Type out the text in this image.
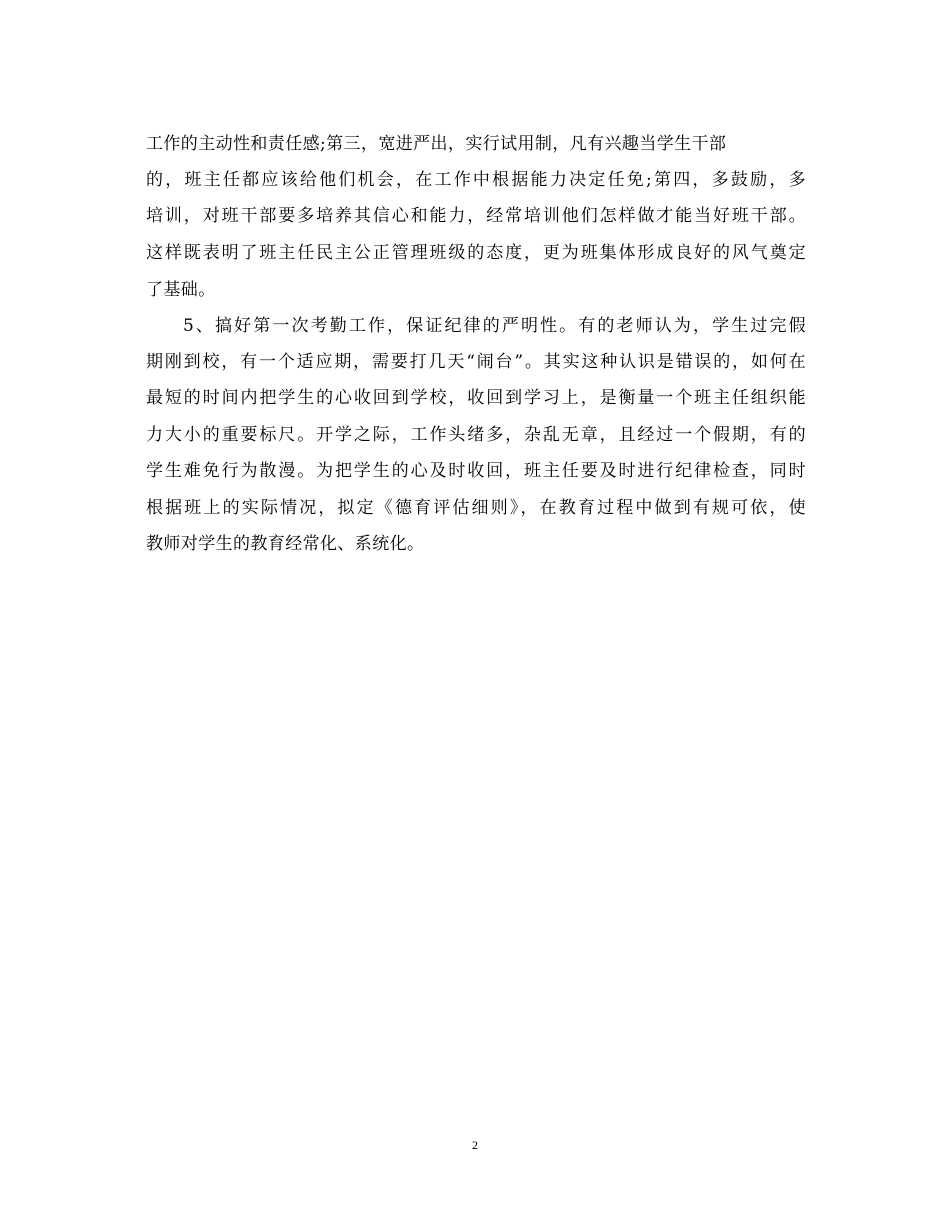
工作的主动性和责任感;第三，宽进严出，实行试用制，凡有兴趣当学生干部
的，班主任都应该给他们机会，在工作中根据能力决定任免;第四，多鼓励，多
培训，对班干部要多培养其信心和能力，经常培训他们怎样做才能当好班干部。
这样既表明了班主任民主公正管理班级的态度，更为班集体形成良好的风气奠定
了基础。
5、搞好第一次考勤工作，保证纪律的严明性。有的老师认为，学生过完假
期刚到校，有一个适应期，需要打几天“闹台”。其实这种认识是错误的，如何在
最短的时间内把学生的心收回到学校，收回到学习上，是衡量一个班主任组织能
力大小的重要标尺。开学之际，工作头绪多，杂乱无章，且经过一个假期，有的
学生难免行为散漫。为把学生的心及时收回，班主任要及时进行纪律检查，同时
根据班上的实际情况，拟定《德育评估细则》，在教育过程中做到有规可依，使
教师对学生的教育经常化、系统化。
2
